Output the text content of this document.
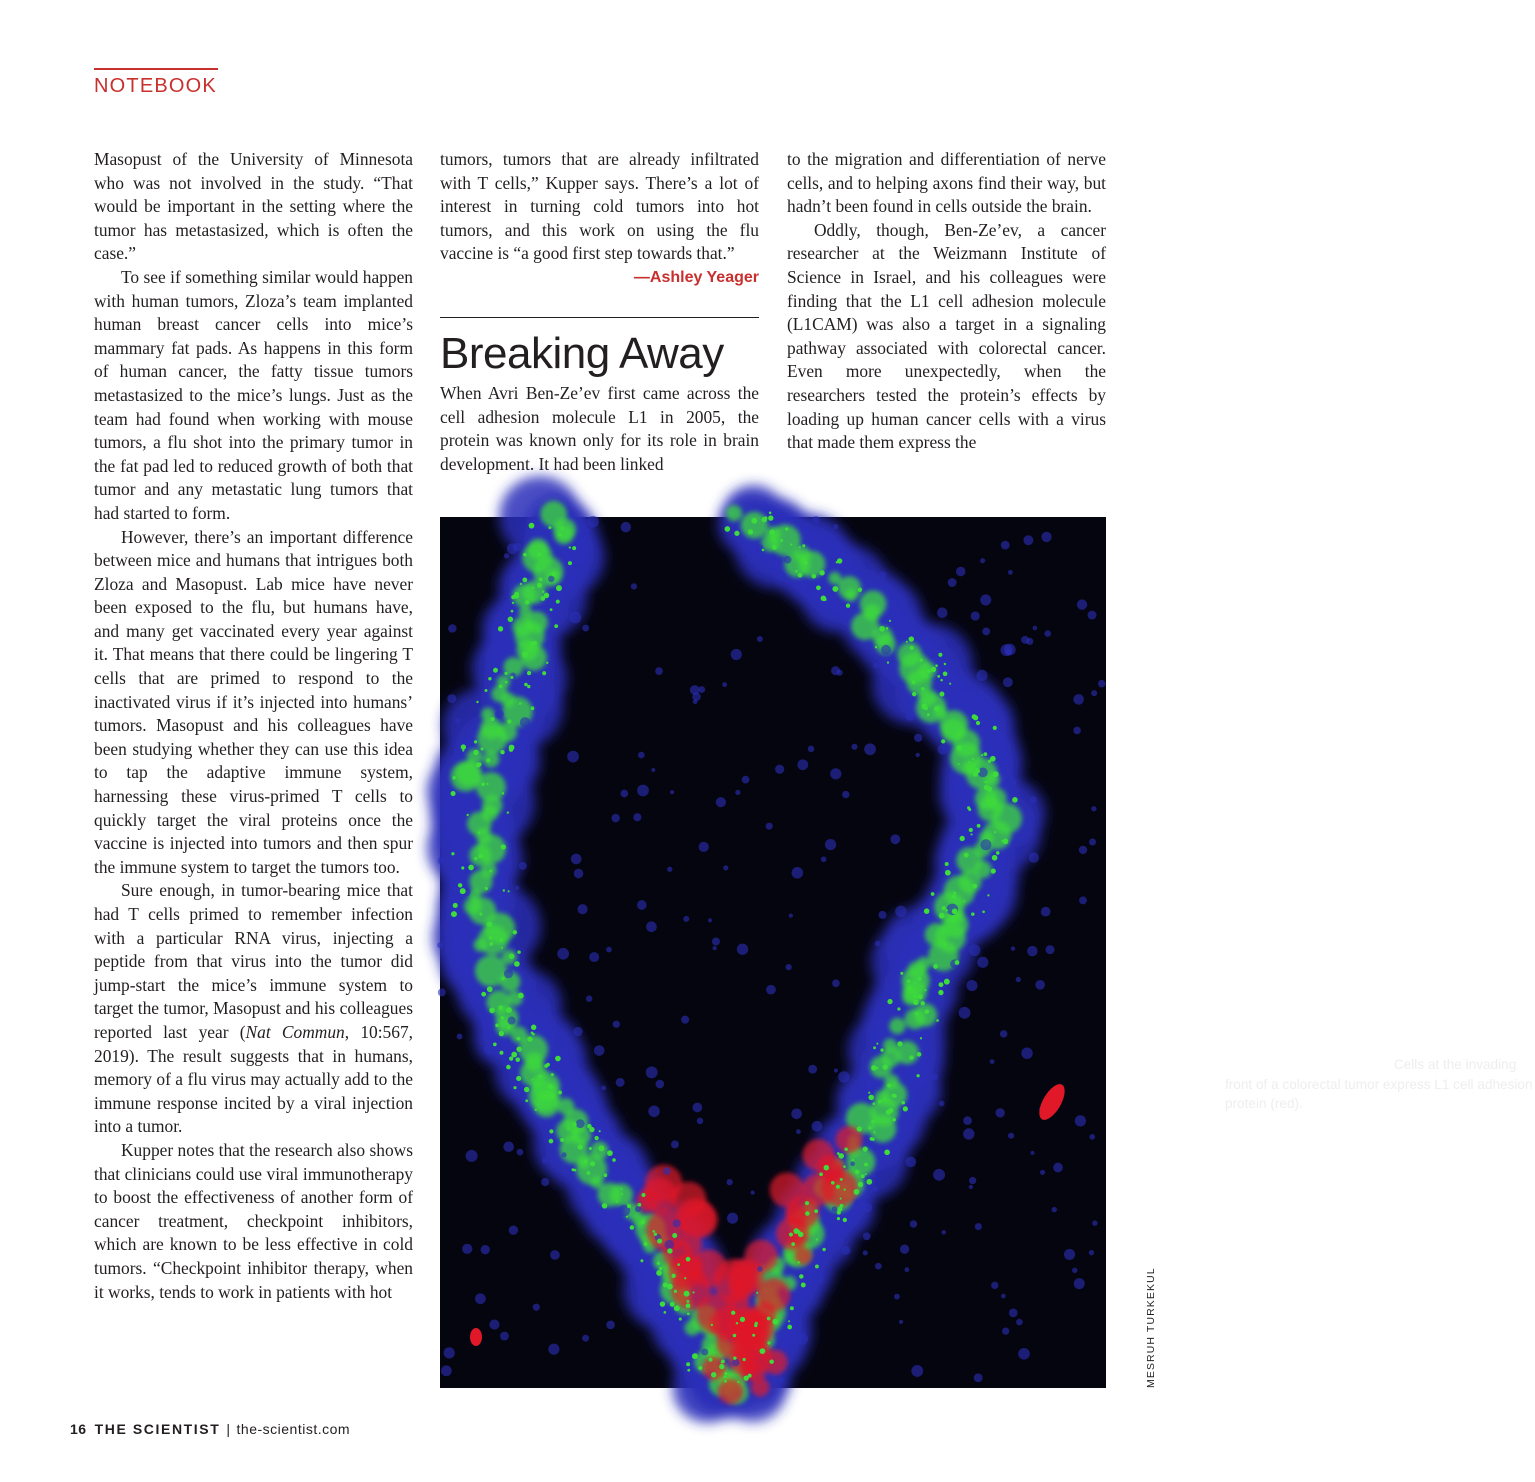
NOTEBOOK

Masopust of the University of Minnesota who was not involved in the study. “That would be important in the setting where the tumor has metastasized, which is often the case.”

To see if something similar would happen with human tumors, Zloza’s team implanted human breast cancer cells into mice’s mammary fat pads. As happens in this form of human cancer, the fatty tissue tumors metastasized to the mice’s lungs. Just as the team had found when working with mouse tumors, a flu shot into the primary tumor in the fat pad led to reduced growth of both that tumor and any metastatic lung tumors that had started to form.

However, there’s an important difference between mice and humans that intrigues both Zloza and Masopust. Lab mice have never been exposed to the flu, but humans have, and many get vaccinated every year against it. That means that there could be lingering T cells that are primed to respond to the inactivated virus if it’s injected into humans’ tumors. Masopust and his colleagues have been studying whether they can use this idea to tap the adaptive immune system, harnessing these virus-primed T cells to quickly target the viral proteins once the vaccine is injected into tumors and then spur the immune system to target the tumors too.

Sure enough, in tumor-bearing mice that had T cells primed to remember infection with a particular RNA virus, injecting a peptide from that virus into the tumor did jump-start the mice’s immune system to target the tumor, Masopust and his colleagues reported last year (Nat Commun, 10:567, 2019). The result suggests that in humans, memory of a flu virus may actually add to the immune response incited by a viral injection into a tumor.

Kupper notes that the research also shows that clinicians could use viral immunotherapy to boost the effectiveness of another form of cancer treatment, checkpoint inhibitors, which are known to be less effective in cold tumors. “Checkpoint inhibitor therapy, when it works, tends to work in patients with hot

tumors, tumors that are already infiltrated with T cells,” Kupper says. There’s a lot of interest in turning cold tumors into hot tumors, and this work on using the flu vaccine is “a good first step towards that.”

—Ashley Yeager
Breaking Away

When Avri Ben-Ze’ev first came across the cell adhesion molecule L1 in 2005, the protein was known only for its role in brain development. It had been linked

to the migration and differentiation of nerve cells, and to helping axons find their way, but hadn’t been found in cells outside the brain.

Oddly, though, Ben-Ze’ev, a cancer researcher at the Weizmann Institute of Science in Israel, and his colleagues were finding that the L1 cell adhesion molecule (L1CAM) was also a target in a signaling pathway associated with colorectal cancer. Even more unexpectedly, when the researchers tested the protein’s effects by loading up human cancer cells with a virus that made them express the

LEADING THE CHARGE: Cells at the invading front of a colorectal tumor express L1 cell adhesion protein (red).
MESRUH TURKEKUL
16 THE SCIENTIST | the-scientist.com
